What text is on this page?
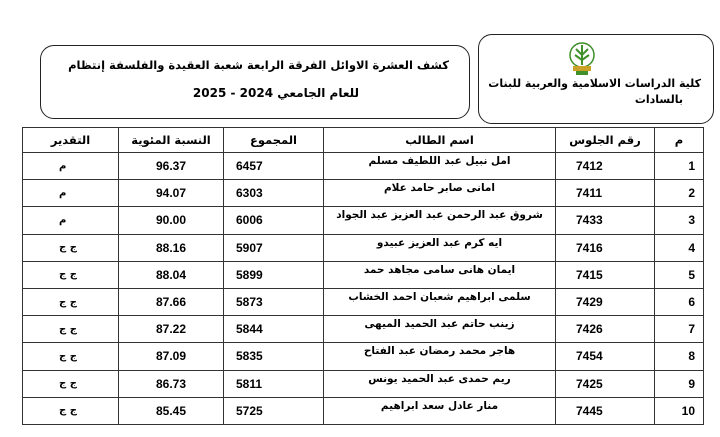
كلية الدراسات الاسلامية والعربية للبنات
بالسادات
كشف العشرة الاوائل الفرقة الرابعة شعبة العقيدة والفلسفة إنتظام
للعام الجامعي 2024 - 2025
م	رقم الجلوس	اسم الطالب	المجموع	النسبة المئوية	التقدير
1	7412	امل نبيل عبد اللطيف مسلم	6457	96.37	م
2	7411	امانى صابر حامد علام	6303	94.07	م
3	7433	شروق عبد الرحمن عبد العزيز عبد الجواد	6006	90.00	م
4	7416	ايه كرم عبد العزيز عبيدو	5907	88.16	ج ج
5	7415	ايمان هانى سامى مجاهد حمد	5899	88.04	ج ج
6	7429	سلمى ابراهيم شعبان احمد الخشاب	5873	87.66	ج ج
7	7426	زينب حاتم عبد الحميد الميهى	5844	87.22	ج ج
8	7454	هاجر محمد رمضان عبد الفتاح	5835	87.09	ج ج
9	7425	ريم حمدى عبد الحميد يونس	5811	86.73	ج ج
10	7445	منار عادل سعد ابراهيم	5725	85.45	ج ج
